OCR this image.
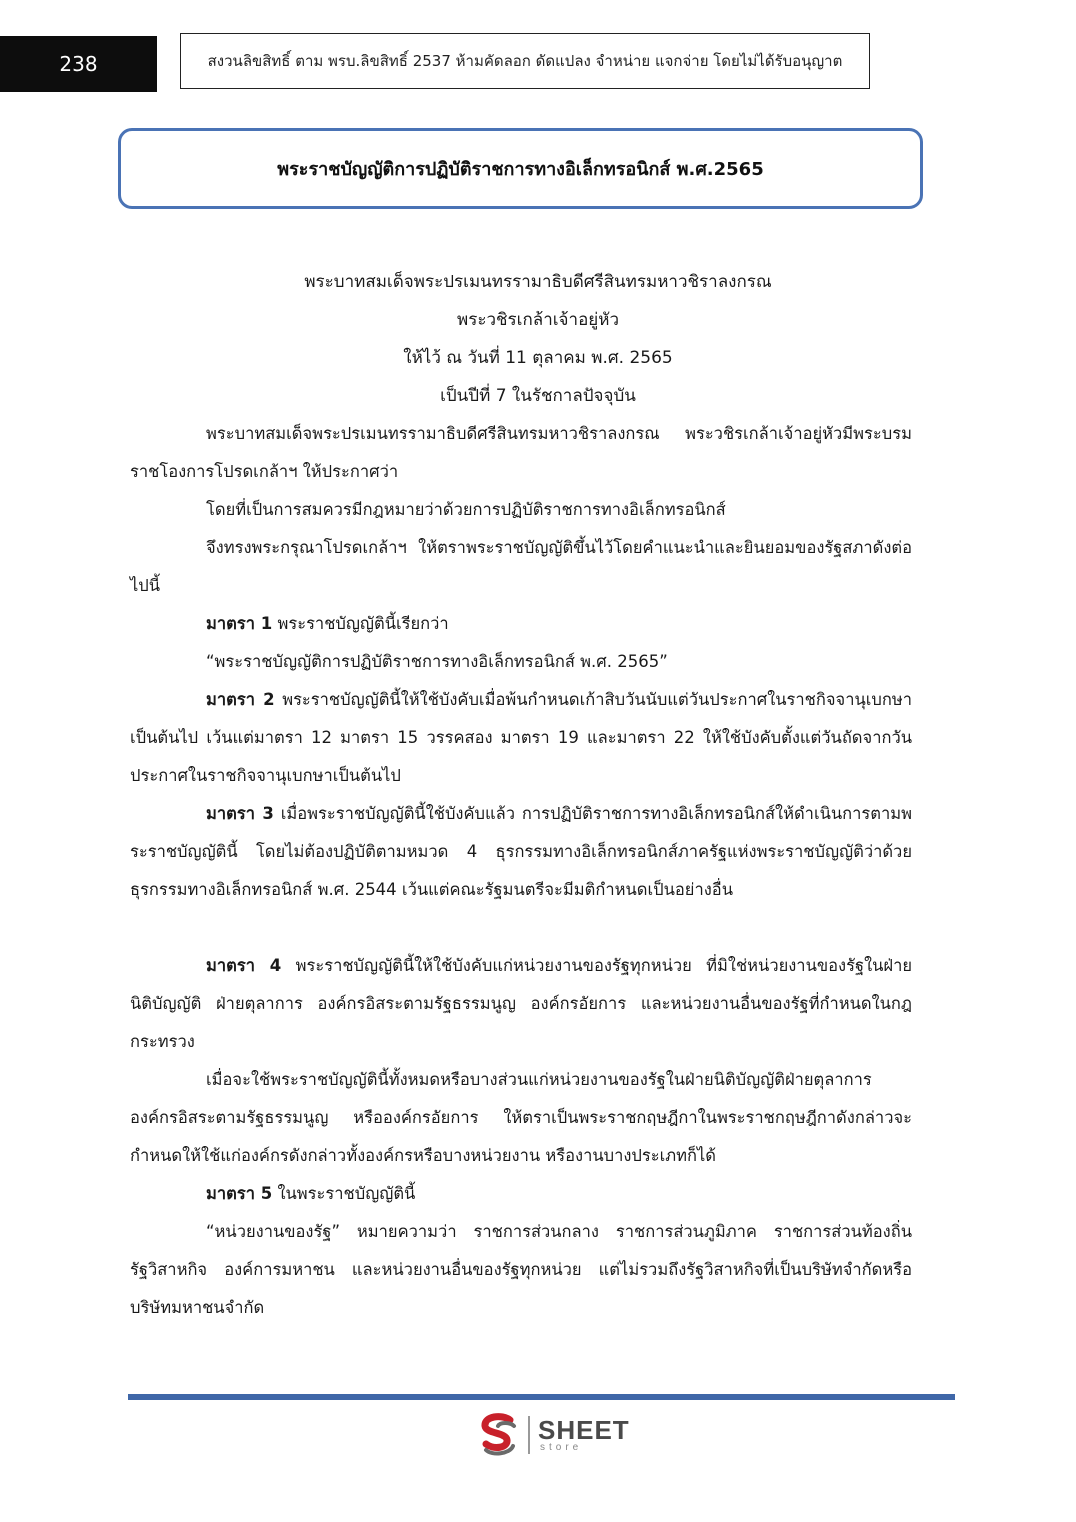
238	สงวนลิขสิทธิ์ ตาม พรบ.ลิขสิทธิ์ 2537 ห้ามคัดลอก ดัดแปลง จำหน่าย แจกจ่าย โดยไม่ได้รับอนุญาต
พระราชบัญญัติการปฏิบัติราชการทางอิเล็กทรอนิกส์ พ.ศ.2565
พระบาทสมเด็จพระปรเมนทรรามาธิบดีศรีสินทรมหาวชิราลงกรณ
พระวชิรเกล้าเจ้าอยู่หัว
ให้ไว้ ณ วันที่ 11 ตุลาคม พ.ศ. 2565
เป็นปีที่ 7 ในรัชกาลปัจจุบัน

พระบาทสมเด็จพระปรเมนทรรามาธิบดีศรีสินทรมหาวชิราลงกรณ พระวชิรเกล้าเจ้าอยู่หัวมีพระบรมราชโองการโปรดเกล้าฯ ให้ประกาศว่า

โดยที่เป็นการสมควรมีกฎหมายว่าด้วยการปฏิบัติราชการทางอิเล็กทรอนิกส์

จึงทรงพระกรุณาโปรดเกล้าฯ ให้ตราพระราชบัญญัติขึ้นไว้โดยคำแนะนำและยินยอมของรัฐสภาดังต่อไปนี้

มาตรา 1 พระราชบัญญัตินี้เรียกว่า

“พระราชบัญญัติการปฏิบัติราชการทางอิเล็กทรอนิกส์ พ.ศ. 2565”

มาตรา 2 พระราชบัญญัตินี้ให้ใช้บังคับเมื่อพ้นกำหนดเก้าสิบวันนับแต่วันประกาศในราชกิจจานุเบกษาเป็นต้นไป เว้นแต่มาตรา 12 มาตรา 15 วรรคสอง มาตรา 19 และมาตรา 22 ให้ใช้บังคับตั้งแต่วันถัดจากวันประกาศในราชกิจจานุเบกษาเป็นต้นไป

มาตรา 3 เมื่อพระราชบัญญัตินี้ใช้บังคับแล้ว การปฏิบัติราชการทางอิเล็กทรอนิกส์ให้ดำเนินการตามพระราชบัญญัตินี้ โดยไม่ต้องปฏิบัติตามหมวด 4 ธุรกรรมทางอิเล็กทรอนิกส์ภาครัฐแห่งพระราชบัญญัติว่าด้วยธุรกรรมทางอิเล็กทรอนิกส์ พ.ศ. 2544 เว้นแต่คณะรัฐมนตรีจะมีมติกำหนดเป็นอย่างอื่น

มาตรา 4 พระราชบัญญัตินี้ให้ใช้บังคับแก่หน่วยงานของรัฐทุกหน่วย ที่มิใช่หน่วยงานของรัฐในฝ่ายนิติบัญญัติ ฝ่ายตุลาการ องค์กรอิสระตามรัฐธรรมนูญ องค์กรอัยการ และหน่วยงานอื่นของรัฐที่กำหนดในกฎกระทรวง

เมื่อจะใช้พระราชบัญญัตินี้ทั้งหมดหรือบางส่วนแก่หน่วยงานของรัฐในฝ่ายนิติบัญญัติฝ่ายตุลาการ องค์กรอิสระตามรัฐธรรมนูญ หรือองค์กรอัยการ ให้ตราเป็นพระราชกฤษฎีกาในพระราชกฤษฎีกาดังกล่าวจะกำหนดให้ใช้แก่องค์กรดังกล่าวทั้งองค์กรหรือบางหน่วยงาน หรืองานบางประเภทก็ได้

มาตรา 5 ในพระราชบัญญัตินี้

“หน่วยงานของรัฐ” หมายความว่า ราชการส่วนกลาง ราชการส่วนภูมิภาค ราชการส่วนท้องถิ่น รัฐวิสาหกิจ องค์การมหาชน และหน่วยงานอื่นของรัฐทุกหน่วย แต่ไม่รวมถึงรัฐวิสาหกิจที่เป็นบริษัทจำกัดหรือบริษัทมหาชนจำกัด

SHEET
store
